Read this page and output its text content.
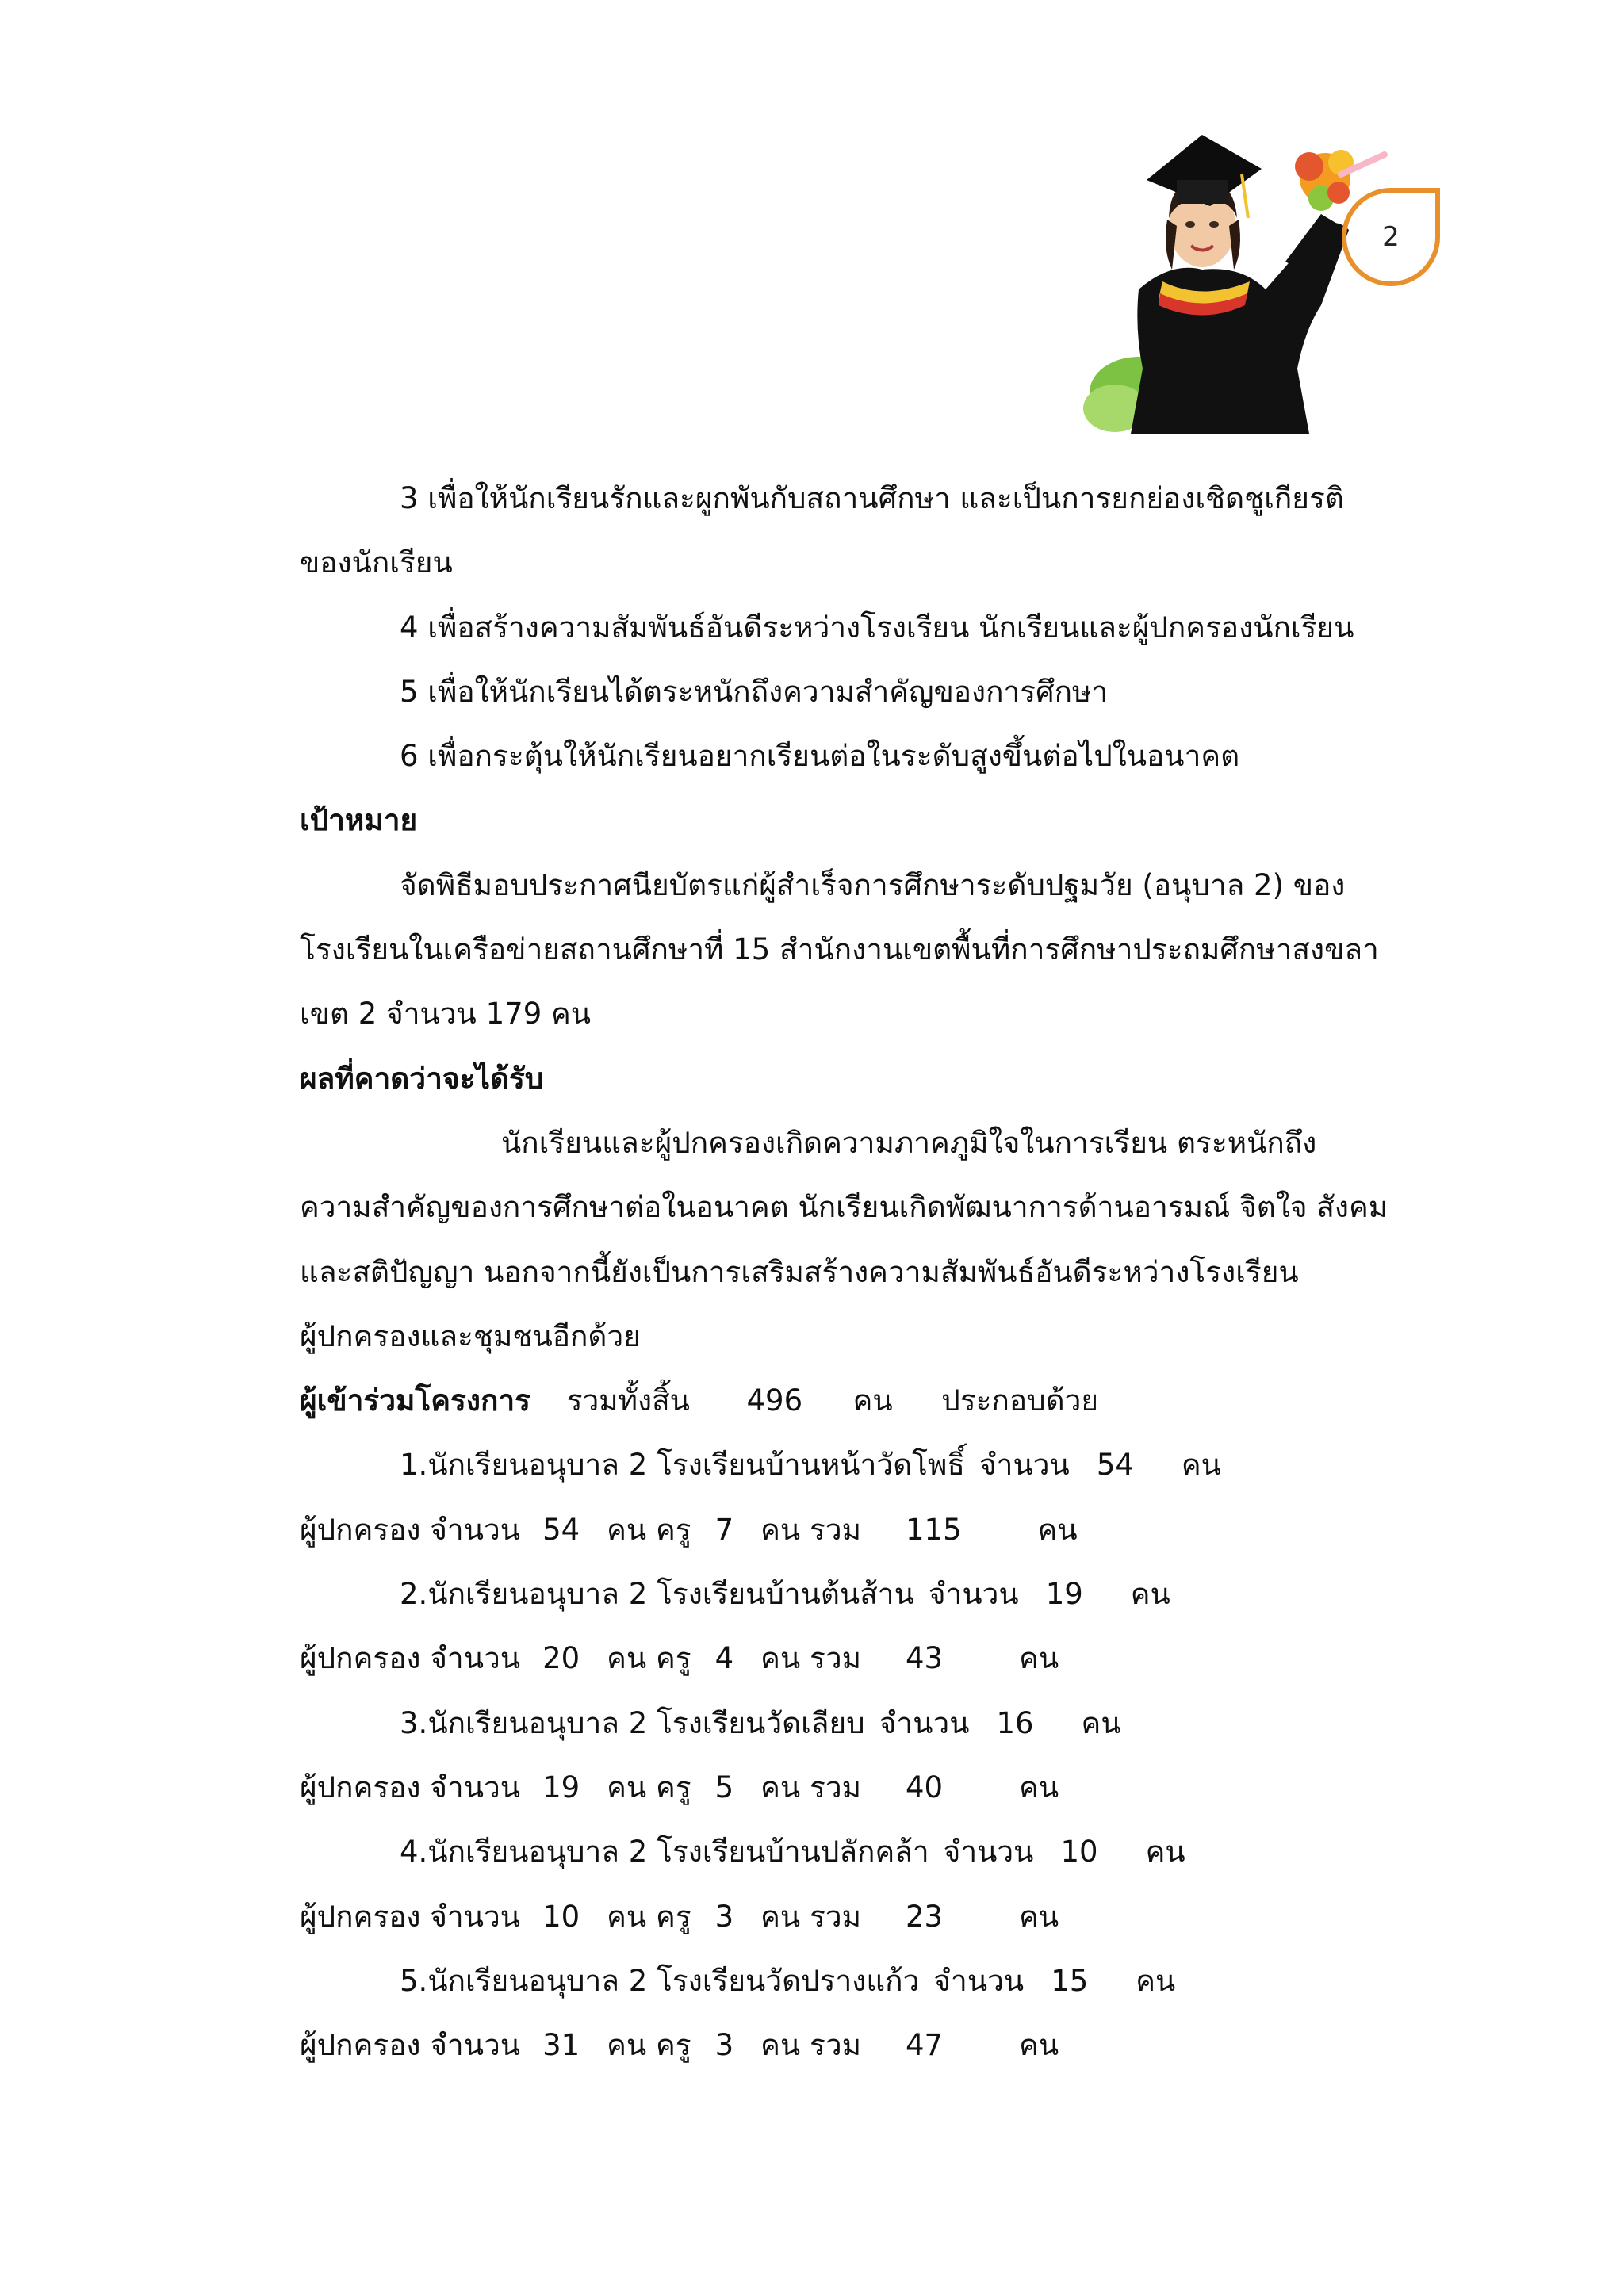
2
3 เพื่อให้นักเรียนรักและผูกพันกับสถานศึกษา และเป็นการยกย่องเชิดชูเกียรติ
ของนักเรียน
4 เพื่อสร้างความสัมพันธ์อันดีระหว่างโรงเรียน นักเรียนและผู้ปกครองนักเรียน
5 เพื่อให้นักเรียนได้ตระหนักถึงความสำคัญของการศึกษา
6 เพื่อกระตุ้นให้นักเรียนอยากเรียนต่อในระดับสูงขึ้นต่อไปในอนาคต
เป้าหมาย
จัดพิธีมอบประกาศนียบัตรแก่ผู้สำเร็จการศึกษาระดับปฐมวัย (อนุบาล 2) ของ
โรงเรียนในเครือข่ายสถานศึกษาที่ 15 สำนักงานเขตพื้นที่การศึกษาประถมศึกษาสงขลา
เขต 2 จำนวน 179 คน
ผลที่คาดว่าจะได้รับ
นักเรียนและผู้ปกครองเกิดความภาคภูมิใจในการเรียน ตระหนักถึง
ความสำคัญของการศึกษาต่อในอนาคต นักเรียนเกิดพัฒนาการด้านอารมณ์ จิตใจ สังคม
และสติปัญญา นอกจากนี้ยังเป็นการเสริมสร้างความสัมพันธ์อันดีระหว่างโรงเรียน
ผู้ปกครองและชุมชนอีกด้วย
ผู้เข้าร่วมโครงการ รวมทั้งสิ้น 496 คน ประกอบด้วย
1.นักเรียนอนุบาล 2 โรงเรียนบ้านหน้าวัดโพธิ์ จำนวน 54 คน
ผู้ปกครอง จำนวน 54 คน ครู 7 คน รวม 115	คน
2.นักเรียนอนุบาล 2 โรงเรียนบ้านต้นส้าน จำนวน 19 คน
ผู้ปกครอง จำนวน 20 คน ครู 4 คน รวม 43	คน
3.นักเรียนอนุบาล 2 โรงเรียนวัดเลียบ จำนวน 16 คน
ผู้ปกครอง จำนวน 19 คน ครู 5 คน รวม 40	คน
4.นักเรียนอนุบาล 2 โรงเรียนบ้านปลักคล้า จำนวน 10 คน
ผู้ปกครอง จำนวน 10 คน ครู 3 คน รวม 23	คน
5.นักเรียนอนุบาล 2 โรงเรียนวัดปรางแก้ว จำนวน 15 คน
ผู้ปกครอง จำนวน 31 คน ครู 3 คน รวม 47	คน
